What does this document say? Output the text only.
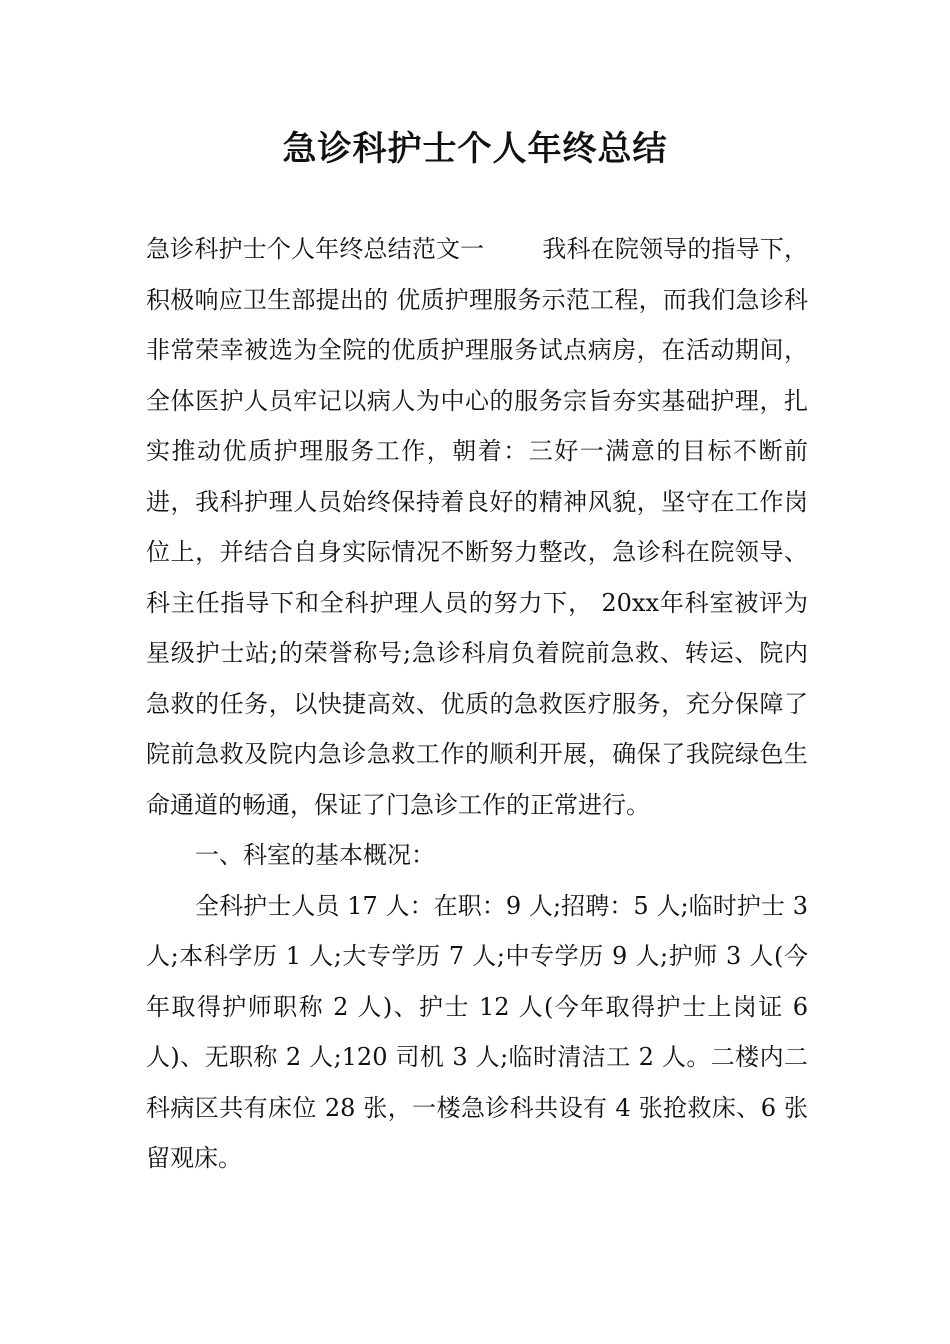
急诊科护士个人年终总结

急诊科护士个人年终总结范文一 我科在院领导的指导下，积极响应卫生部提出的 优质护理服务示范工程，而我们急诊科非常荣幸被选为全院的优质护理服务试点病房，在活动期间，全体医护人员牢记以病人为中心的服务宗旨夯实基础护理，扎实推动优质护理服务工作，朝着：三好一满意的目标不断前进，我科护理人员始终保持着良好的精神风貌，坚守在工作岗位上，并结合自身实际情况不断努力整改，急诊科在院领导、科主任指导下和全科护理人员的努力下， 20xx年科室被评为星级护士站;的荣誉称号;急诊科肩负着院前急救、转运、院内急救的任务，以快捷高效、优质的急救医疗服务，充分保障了院前急救及院内急诊急救工作的顺利开展，确保了我院绿色生命通道的畅通，保证了门急诊工作的正常进行。

一、科室的基本概况：

全科护士人员 17 人：在职：9 人;招聘：5 人;临时护士 3 人;本科学历 1 人;大专学历 7 人;中专学历 9 人;护师 3 人(今年取得护师职称 2 人)、护士 12 人(今年取得护士上岗证 6 人)、无职称 2 人;120 司机 3 人;临时清洁工 2 人。二楼内二科病区共有床位 28 张，一楼急诊科共设有 4 张抢救床、6 张留观床。
